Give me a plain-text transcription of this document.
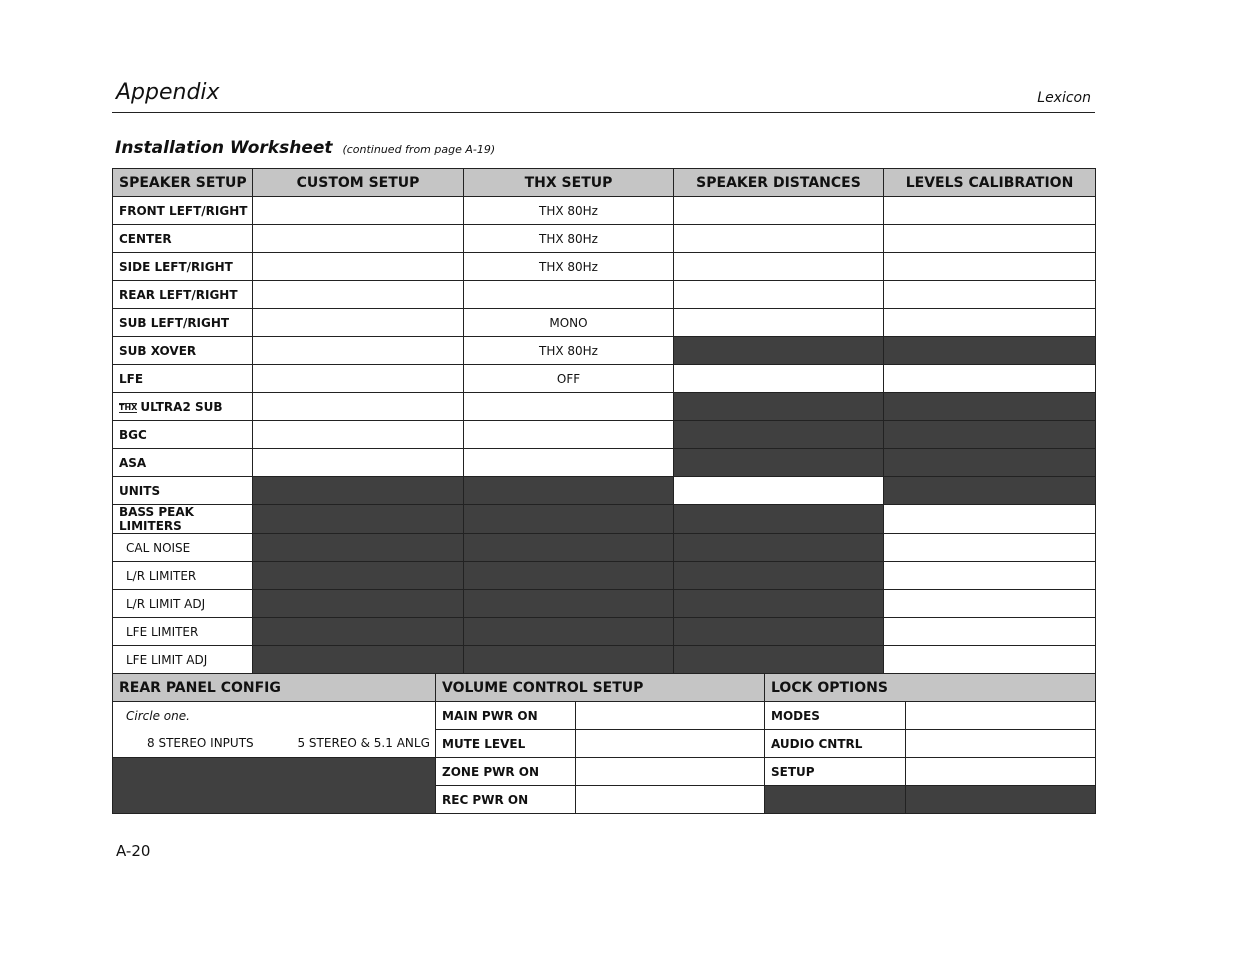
Appendix	Lexicon
Installation Worksheet (continued from page A-19)
SPEAKER SETUP	CUSTOM SETUP	THX SETUP	SPEAKER DISTANCES	LEVELS CALIBRATION
FRONT LEFT/RIGHT		THX 80Hz		
CENTER		THX 80Hz		
SIDE LEFT/RIGHT		THX 80Hz		
REAR LEFT/RIGHT				
SUB LEFT/RIGHT		MONO		
SUB XOVER		THX 80Hz		
LFE		OFF		
THX ULTRA2 SUB				
BGC				
ASA				
UNITS				
BASS PEAK LIMITERS				
CAL NOISE				
L/R LIMITER				
L/R LIMIT ADJ				
LFE LIMITER				
LFE LIMIT ADJ				
REAR PANEL CONFIG	VOLUME CONTROL SETUP		LOCK OPTIONS	
Circle one.	MAIN PWR ON		MODES	
8 STEREO INPUTS 5 STEREO & 5.1 ANLG	MUTE LEVEL		AUDIO CNTRL	
	ZONE PWR ON		SETUP	
	REC PWR ON			
A-20
